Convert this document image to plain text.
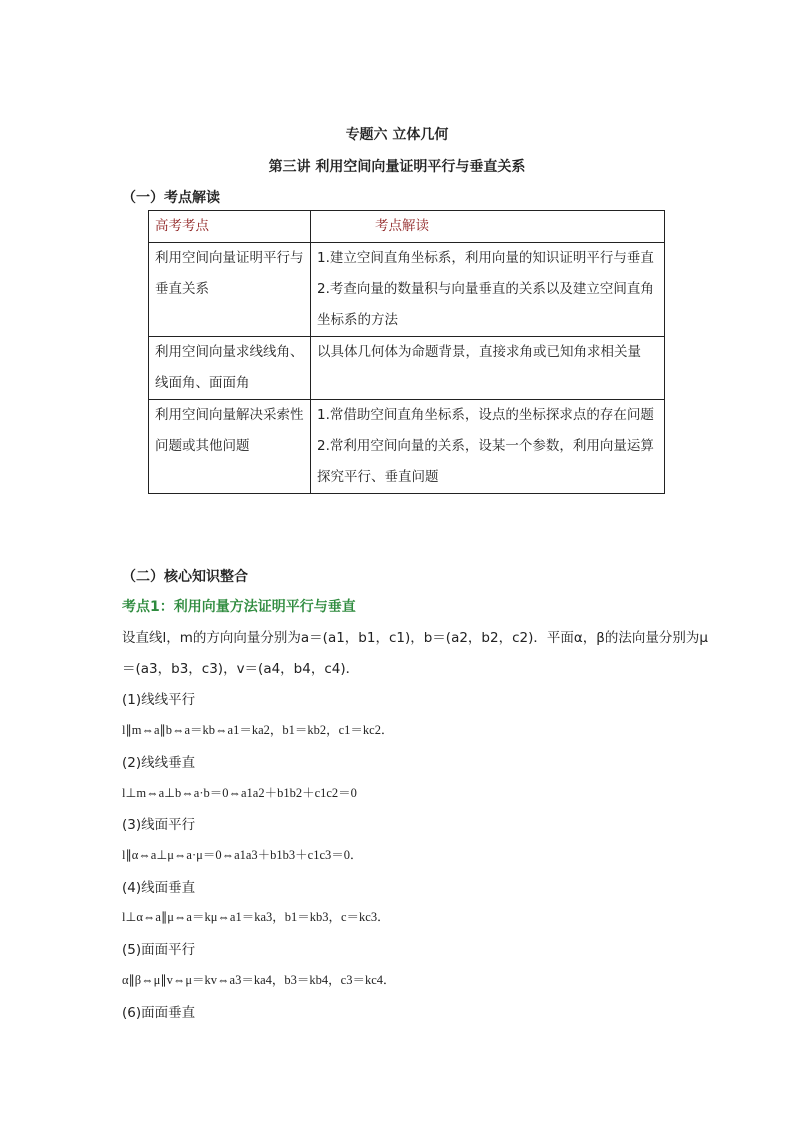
专题六 立体几何
第三讲 利用空间向量证明平行与垂直关系
（一）考点解读
高考考点	考点解读
利用空间向量证明平行与垂直关系	1.建立空间直角坐标系，利用向量的知识证明平行与垂直
2.考查向量的数量积与向量垂直的关系以及建立空间直角坐标系的方法

利用空间向量求线线角、线面角、面面角	以具体几何体为命题背景，直接求角或已知角求相关量

利用空间向量解决采索性问题或其他问题	1.常借助空间直角坐标系，设点的坐标探求点的存在问题
2.常利用空间向量的关系，设某一个参数，利用向量运算探究平行、垂直问题
（二）核心知识整合
考点1：利用向量方法证明平行与垂直
设直线l，m的方向向量分别为a＝(a1，b1，c1)，b＝(a2，b2，c2)．平面α，β的法向量分别为μ
＝(a3，b3，c3)，v＝(a4，b4，c4)．
(1)线线平行
l∥m⇔a∥b⇔a＝kb⇔a1＝ka2，b1＝kb2，c1＝kc2．
(2)线线垂直
l⊥m⇔a⊥b⇔a·b＝0⇔a1a2＋b1b2＋c1c2＝0
(3)线面平行
l∥α⇔a⊥μ⇔a·μ＝0⇔a1a3＋b1b3＋c1c3＝0．
(4)线面垂直
l⊥α⇔a∥μ⇔a＝kμ⇔a1＝ka3，b1＝kb3，c＝kc3．
(5)面面平行
α∥β⇔μ∥v⇔μ＝kv⇔a3＝ka4，b3＝kb4，c3＝kc4．
(6)面面垂直
